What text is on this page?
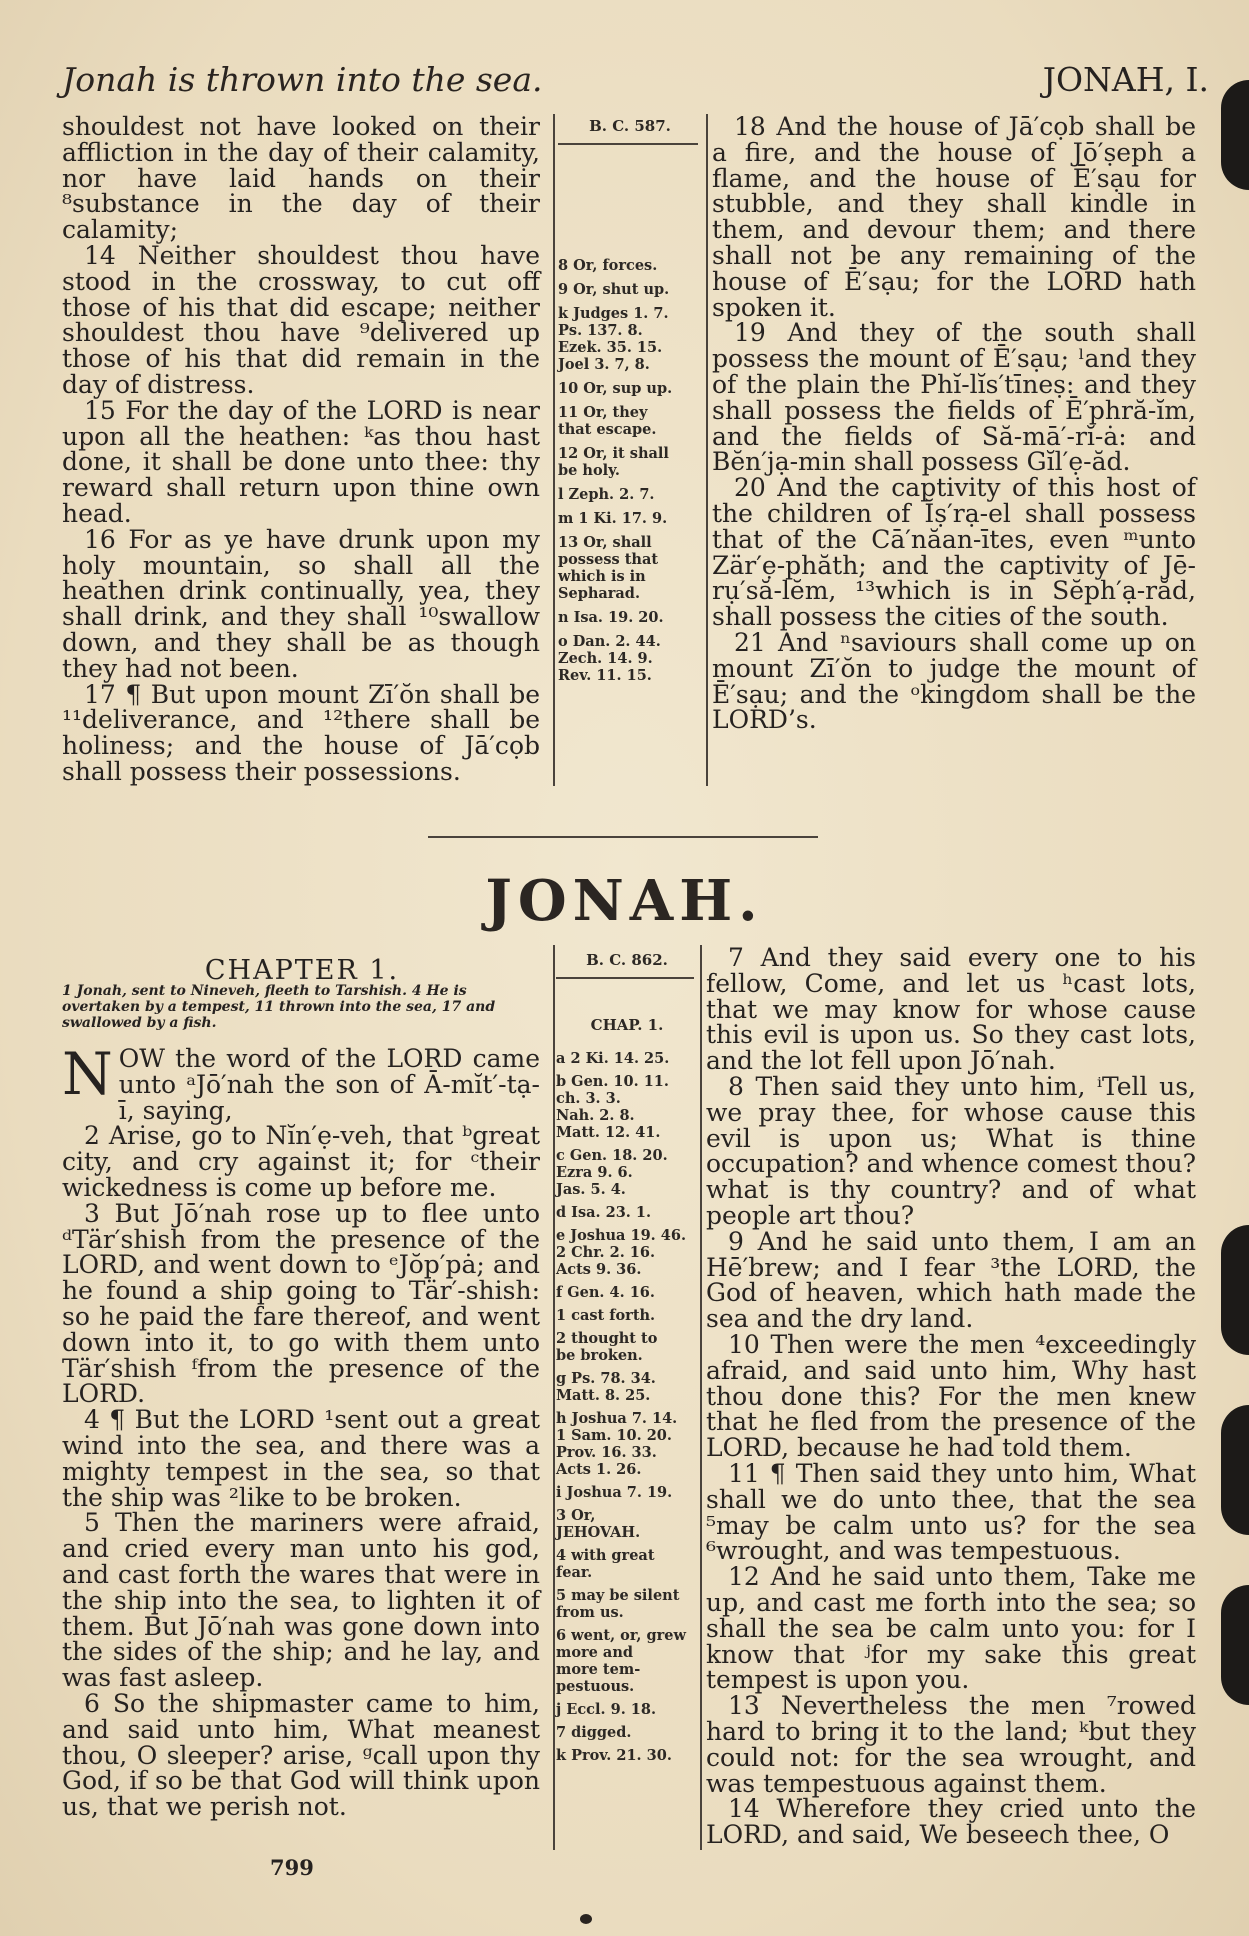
Jonah is thrown into the sea.	JONAH, I.

shouldest not have looked on their affliction in the day of their calamity, nor have laid hands on their ⁸substance in the day of their calamity;

14 Neither shouldest thou have stood in the crossway, to cut off those of his that did escape; neither shouldest thou have ⁹delivered up those of his that did remain in the day of distress.

15 For the day of the LORD is near upon all the heathen: ᵏas thou hast done, it shall be done unto thee: thy reward shall return upon thine own head.

16 For as ye have drunk upon my holy mountain, so shall all the heathen drink continually, yea, they shall drink, and they shall ¹⁰swallow down, and they shall be as though they had not been.

17 ¶ But upon mount Zī′ŏn shall be ¹¹deliverance, and ¹²there shall be holiness; and the house of Jā′cọb shall possess their possessions.

B. C. 587.

8 Or, forces.

9 Or, shut up.

k Judges 1. 7.
Ps. 137. 8.
Ezek. 35. 15.
Joel 3. 7, 8.

10 Or, sup up.

11 Or, they
that escape.

12 Or, it shall
be holy.

l Zeph. 2. 7.

m 1 Ki. 17. 9.

13 Or, shall
possess that
which is in
Sepharad.

n Isa. 19. 20.

o Dan. 2. 44.
Zech. 14. 9.
Rev. 11. 15.

18 And the house of Jā′cọb shall be a fire, and the house of Jō′ṣeph a flame, and the house of Ē′sạu for stubble, and they shall kindle in them, and devour them; and there shall not be any remaining of the house of Ē′sạu; for the LORD hath spoken it.

19 And they of the south shall possess the mount of Ē′sạu; ˡand they of the plain the Phĭ-lĭs′tīneṣ: and they shall possess the fields of Ē′phră-ĭm, and the fields of Să-mā′-rĭ-ȧ: and Bĕn′jạ-min shall possess Gĭl′ẹ-ăd.

20 And the captivity of this host of the children of Ĭṣ′rạ-el shall possess that of the Cā′năan-ītes, even ᵐunto Zär′ẹ-phăth; and the captivity of Jē-rụ′să-lĕm, ¹³which is in Sĕph′ạ-răd, shall possess the cities of the south.

21 And ⁿsaviours shall come up on mount Zī′ŏn to judge the mount of Ē′sạu; and the ᵒkingdom shall be the LORD’s.

JONAH.
CHAPTER 1.
1 Jonah, sent to Nineveh, fleeth to Tarshish. 4 He is overtaken by a tempest, 11 thrown into the sea, 17 and swallowed by a fish.

NOW the word of the LORD came unto ᵃJō′nah the son of Ā-mĭt′-tạ-ī, saying,

2 Arise, go to Nĭn′ẹ-veh, that ᵇgreat city, and cry against it; for ᶜtheir wickedness is come up before me.

3 But Jō′nah rose up to flee unto ᵈTär′shish from the presence of the LORD, and went down to ᵉJŏp′pȧ; and he found a ship going to Tär′-shish: so he paid the fare thereof, and went down into it, to go with them unto Tär′shish ᶠfrom the presence of the LORD.

4 ¶ But the LORD ¹sent out a great wind into the sea, and there was a mighty tempest in the sea, so that the ship was ²like to be broken.

5 Then the mariners were afraid, and cried every man unto his god, and cast forth the wares that were in the ship into the sea, to lighten it of them. But Jō′nah was gone down into the sides of the ship; and he lay, and was fast asleep.

6 So the shipmaster came to him, and said unto him, What meanest thou, O sleeper? arise, ᵍcall upon thy God, if so be that God will think upon us, that we perish not.

B. C. 862.
CHAP. 1.

a 2 Ki. 14. 25.

b Gen. 10. 11.
ch. 3. 3.
Nah. 2. 8.
Matt. 12. 41.

c Gen. 18. 20.
Ezra 9. 6.
Jas. 5. 4.

d Isa. 23. 1.

e Joshua 19. 46.
2 Chr. 2. 16.
Acts 9. 36.

f Gen. 4. 16.

1 cast forth.

2 thought to
be broken.

g Ps. 78. 34.
Matt. 8. 25.

h Joshua 7. 14.
1 Sam. 10. 20.
Prov. 16. 33.
Acts 1. 26.

i Joshua 7. 19.

3 Or,
JEHOVAH.

4 with great
fear.

5 may be silent
from us.

6 went, or, grew
more and
more tem-
pestuous.

j Eccl. 9. 18.

7 digged.

k Prov. 21. 30.

7 And they said every one to his fellow, Come, and let us ʰcast lots, that we may know for whose cause this evil is upon us. So they cast lots, and the lot fell upon Jō′nah.

8 Then said they unto him, ⁱTell us, we pray thee, for whose cause this evil is upon us; What is thine occupation? and whence comest thou? what is thy country? and of what people art thou?

9 And he said unto them, I am an Hē′brew; and I fear ³the LORD, the God of heaven, which hath made the sea and the dry land.

10 Then were the men ⁴exceedingly afraid, and said unto him, Why hast thou done this? For the men knew that he fled from the presence of the LORD, because he had told them.

11 ¶ Then said they unto him, What shall we do unto thee, that the sea ⁵may be calm unto us? for the sea ⁶wrought, and was tempestuous.

12 And he said unto them, Take me up, and cast me forth into the sea; so shall the sea be calm unto you: for I know that ʲfor my sake this great tempest is upon you.

13 Nevertheless the men ⁷rowed hard to bring it to the land; ᵏbut they could not: for the sea wrought, and was tempestuous against them.

14 Wherefore they cried unto the LORD, and said, We beseech thee, O

799
